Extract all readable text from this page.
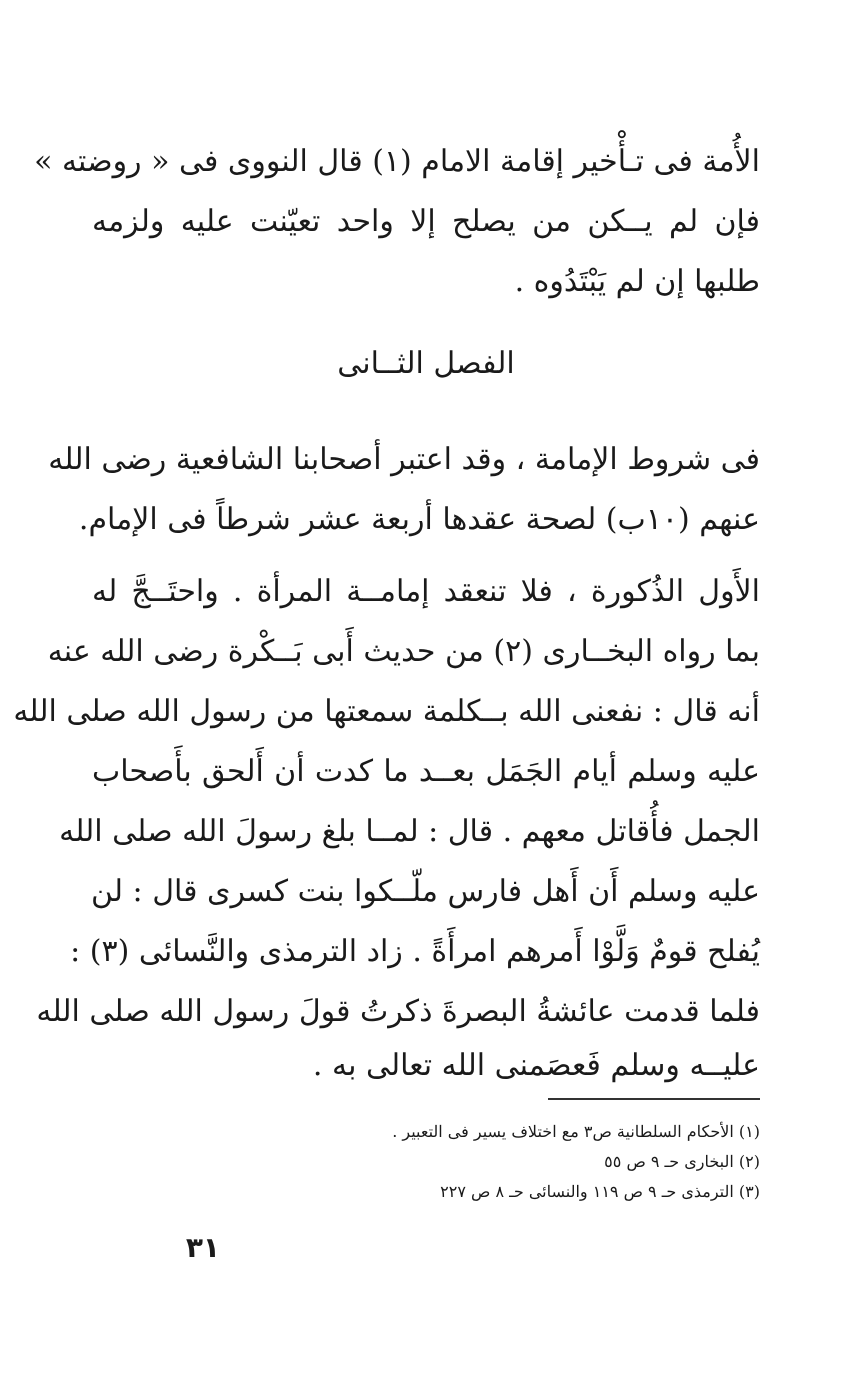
الأُمة فى تـأْخير إقامة الامام (١) قال النووى فى « روضته »
فإن لم يــكن من يصلح إلا واحد تعيّنت عليه ولزمه
طلبها إن لم يَبْتَدُوه .
الفصل الثــانى
فى شروط الإمامة ، وقد اعتبر أصحابنا الشافعية رضى الله
عنهم (١٠ب) لصحة عقدها أربعة عشر شرطاً فى الإمام.
الأَول الذُكورة ، فلا تنعقد إمامــة المرأة . واحتَــجَّ له
بما رواه البخــارى (٢) من حديث أَبى بَــكْرة رضى الله عنه
أنه قال : نفعنى الله بــكلمة سمعتها من رسول الله صلى الله
عليه وسلم أيام الجَمَل بعــد ما كدت أن أَلحق بأَصحاب
الجمل فأُقاتل معهم . قال : لمــا بلغ رسولَ الله صلى الله
عليه وسلم أَن أَهل فارس ملّــكوا بنت كسرى قال : لن
يُفلح قومٌ وَلَّوْا أَمرهم امرأَةً . زاد الترمذى والنَّسائى (٣) :
فلما قدمت عائشةُ البصرةَ ذكرتُ قولَ رسول الله صلى الله
عليــه وسلم فَعصَمنى الله تعالى به .
(١) الأحكام السلطانية ص٣ مع اختلاف يسير فى التعبير .
(٢) البخارى حـ ٩ ص ٥٥
(٣) الترمذى حـ ٩ ص ١١٩ والنسائى حـ ٨ ص ٢٢٧
٣١
